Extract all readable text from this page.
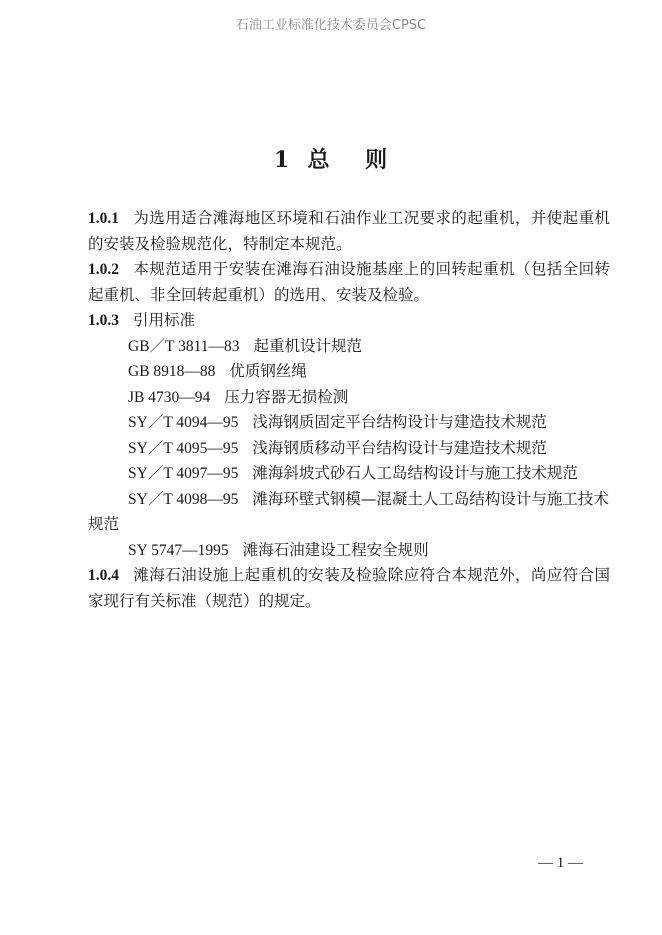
石油工业标准化技术委员会CPSC
1  总    则

1.0.1 为选用适合滩海地区环境和石油作业工况要求的起重机，并使起重机的安装及检验规范化，特制定本规范。

1.0.2 本规范适用于安装在滩海石油设施基座上的回转起重机（包括全回转起重机、非全回转起重机）的选用、安装及检验。

1.0.3 引用标准

GB／T 3811—83 起重机设计规范

GB 8918—88 优质钢丝绳

JB 4730—94 压力容器无损检测

SY／T 4094—95 浅海钢质固定平台结构设计与建造技术规范

SY／T 4095—95 浅海钢质移动平台结构设计与建造技术规范

SY／T 4097—95 滩海斜坡式砂石人工岛结构设计与施工技术规范

SY／T 4098—95 滩海环壁式钢模—混凝土人工岛结构设计与施工技术规范

SY 5747—1995 滩海石油建设工程安全规则

1.0.4 滩海石油设施上起重机的安装及检验除应符合本规范外，尚应符合国家现行有关标准（规范）的规定。

— 1 —
